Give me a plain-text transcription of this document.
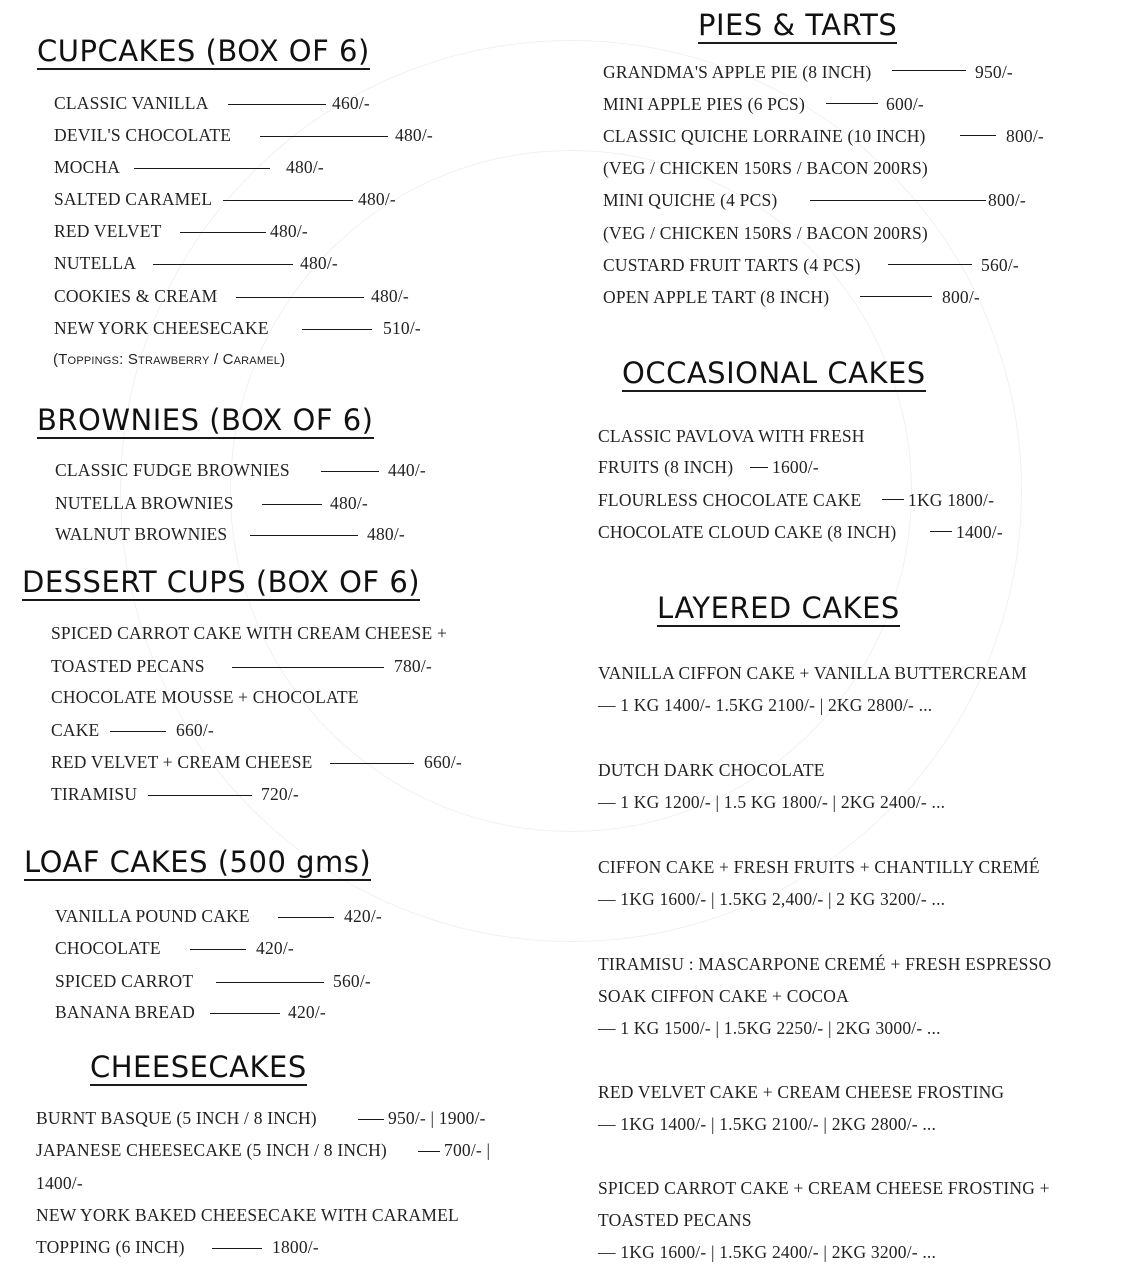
CUPCAKES (BOX OF 6)
CLASSIC VANILLA	460/-
DEVIL'S CHOCOLATE	480/-
MOCHA	480/-
SALTED CARAMEL	480/-
RED VELVET	480/-
NUTELLA	480/-
COOKIES & CREAM	480/-
NEW YORK CHEESECAKE	510/-
(Toppings: Strawberry / Caramel)
BROWNIES (BOX OF 6)
CLASSIC FUDGE BROWNIES	440/-
NUTELLA BROWNIES	480/-
WALNUT BROWNIES	480/-
DESSERT CUPS (BOX OF 6)
SPICED CARROT CAKE WITH CREAM CHEESE +
TOASTED PECANS	780/-
CHOCOLATE MOUSSE + CHOCOLATE
CAKE	660/-
RED VELVET + CREAM CHEESE	660/-
TIRAMISU	720/-
LOAF CAKES (500 gms)
VANILLA POUND CAKE	420/-
CHOCOLATE	420/-
SPICED CARROT	560/-
BANANA BREAD	420/-
CHEESECAKES
BURNT BASQUE (5 INCH / 8 INCH)	950/- | 1900/-
JAPANESE CHEESECAKE (5 INCH / 8 INCH)	700/- |
1400/-
NEW YORK BAKED CHEESECAKE WITH CARAMEL
TOPPING (6 INCH)	1800/-
PIES & TARTS
GRANDMA'S APPLE PIE (8 INCH)	950/-
MINI APPLE PIES (6 PCS)	600/-
CLASSIC QUICHE LORRAINE (10 INCH)	800/-
(VEG / CHICKEN 150RS / BACON 200RS)
MINI QUICHE (4 PCS)	800/-
(VEG / CHICKEN 150RS / BACON 200RS)
CUSTARD FRUIT TARTS (4 PCS)	560/-
OPEN APPLE TART (8 INCH)	800/-
OCCASIONAL CAKES
CLASSIC PAVLOVA WITH FRESH
FRUITS (8 INCH) 1600/-
FLOURLESS CHOCOLATE CAKE	1KG 1800/-
CHOCOLATE CLOUD CAKE (8 INCH)	1400/-
LAYERED CAKES
VANILLA CIFFON CAKE + VANILLA BUTTERCREAM
— 1 KG 1400/- 1.5KG 2100/- | 2KG 2800/- ...
DUTCH DARK CHOCOLATE
— 1 KG 1200/- | 1.5 KG 1800/- | 2KG 2400/- ...
CIFFON CAKE + FRESH FRUITS + CHANTILLY CREMÉ
— 1KG 1600/- | 1.5KG 2,400/- | 2 KG 3200/- ...
TIRAMISU : MASCARPONE CREMÉ + FRESH ESPRESSO
SOAK CIFFON CAKE + COCOA
— 1 KG 1500/- | 1.5KG 2250/- | 2KG 3000/- ...
RED VELVET CAKE + CREAM CHEESE FROSTING
— 1KG 1400/- | 1.5KG 2100/- | 2KG 2800/- ...
SPICED CARROT CAKE + CREAM CHEESE FROSTING +
TOASTED PECANS
— 1KG 1600/- | 1.5KG 2400/- | 2KG 3200/- ...
